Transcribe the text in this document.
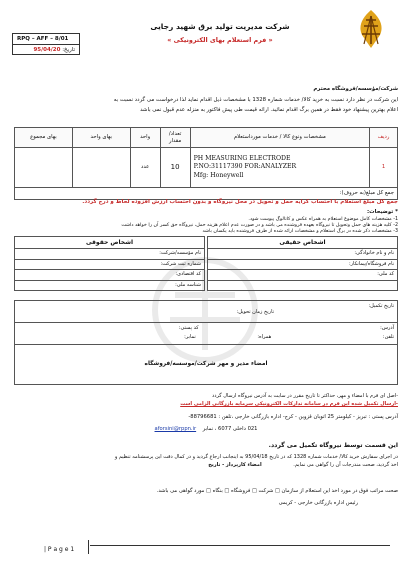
RPQ – AFF – 8/01
تاریخ: 95/04/20
شرکت مدیریت تولید برق شهید رجایی
« فرم استعلام بهای الکترونیکی »
شرکت/مؤسسه/فروشگاه محترم
این شرکت در نظر دارد نسبت به خرید کالا/ خدمات شماره 1328 با مشخصات ذیل اقدام نماید لذا درخواست می گردد نسبت به
اعلام بهترین پیشنهاد خود فقط در همین برگ اقدام نمائید. ارائه قیمت طی پیش فاکتور به منزله عدم قبول نمی باشد
ردیف	مشخصات ونوع کالا / خدمات مورداستعلام	تعداد/ مقدار	واحد	بهای واحد	بهای مجموع
1	PH MEASURING ELECTRODE
P.NO:31117390 FOR:ANALYZER
Mfg: Honeywell	10	عدد		
جمع کل مبلغ(به حروف):					
جمع کل مبلغ استعلام با احتساب کرایه حمل و تحویل در محل نیروگاه و بدون احتساب ارزش افزوده لحاظ و درج گردد.
* توضیحات:
1- مشخصات کامل موضوع استعلام به همراه عکس و کاتالوگ پیوست شود.
2- کلیه هزینه های حمل وتحویل تا نیروگاه بعهده فروشنده می باشد و در صورت عدم اعلام هزینه حمل، نیروگاه حق کسر آن را خواهد داشت
3- مشخصات ذکر شده در برگ استعلام و مشخصات ارائه شده از طرف فروشنده باید یکسان باشد
اشخاص حقوقی
نام مؤسسه/شرکت:
شماره ثبت شرکت:
کد اقتصادی:
شناسه ملی:
اشخاص حقیقی
نام و نام خانوادگی:
نام فروشگاه/پیمانکار:
کد ملی:

تاریخ تکمیل:
تاریخ زمان تحویل:

آدرس: کد پستی:
تلفن: همراه: نمابر:

امضاء مدیر و مهر شرکت/موسسه/فروشگاه
-اصل ای فرم با امضاء و مهر، حداکثر تا تاریخ مقرر در سایت به آدرس نیروگاه ارسال گردد
-ارسال تکمیل شده این فرم در سامانه تدارکات الکترونیکی سرمایه بازرگانی الزامی است
آدرس پستی : تبریز - کیلومتر 25 اتوبان قزوین - کرج- اداره بازرگانی خارجی ،تلفن : 88796681-
021 داخلی 6077 ، نمابر    aforsini@rppn.ir
این قسمت توسط نیروگاه تکمیل می گردد.
در اجرای سفارش خرید کالا/ خدمات شماره 1328 که در تاریخ 95/04/18 به اینجانب ارجاع گردید و در کمال دقت این پرسشنامه تنظیم و
اخذ گردید، صحت مندرجات آن را گواهی می نمایم. امضاء کارپرداز - تاریخ
صحت مراتب فوق در مورد اخذ این استعلام از سازمان □ شرکت □ فروشگاه □ بنگاه □ مورد گواهی می باشد.
رئیس اداره بازرگانی خارجی - کریمی
| P a g e 1
